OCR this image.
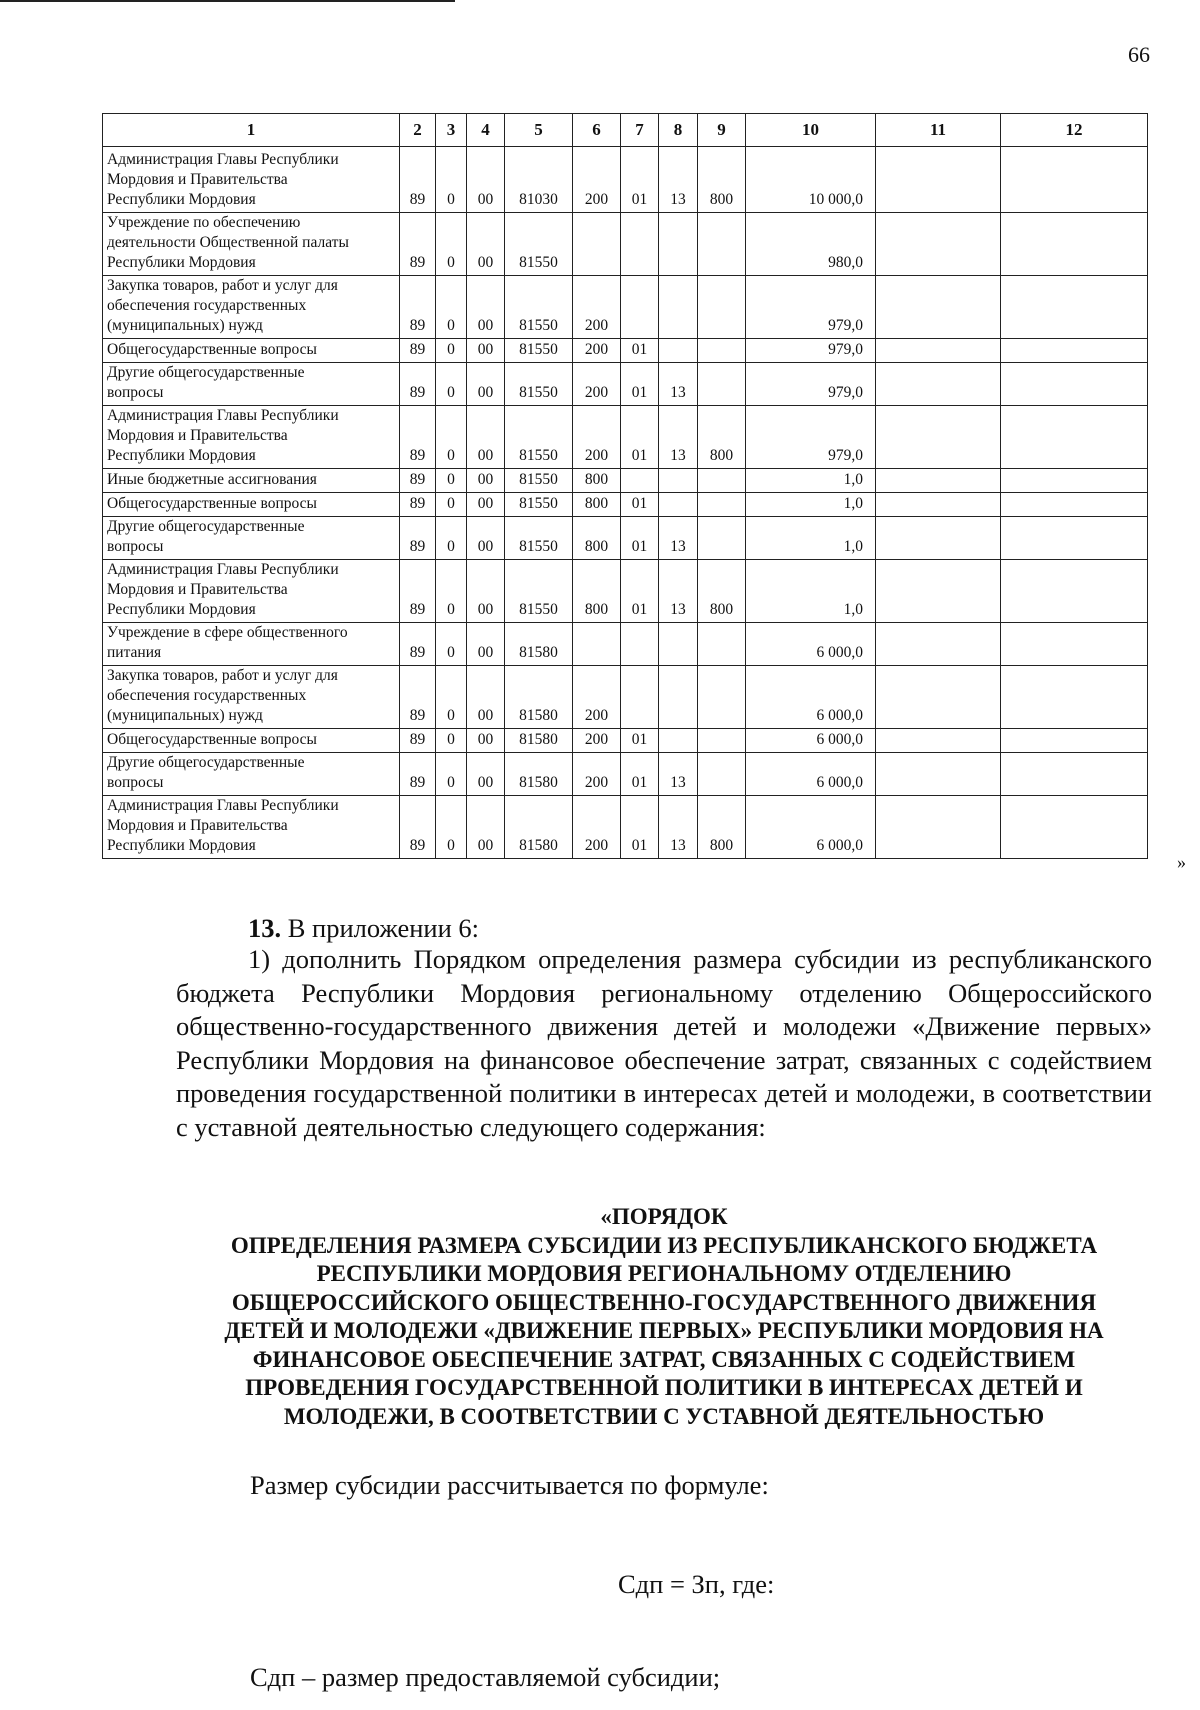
66
1	2	3	4	5	6	7	8	9	10	11	12

Администрация Главы Республики
Мордовия и Правительства
Республики Мордовия	89	0	00	81030	200	01	13	800	10 000,0		

Учреждение по обеспечению
деятельности Общественной палаты
Республики Мордовия	89	0	00	81550					980,0		

Закупка товаров, работ и услуг для
обеспечения государственных
(муниципальных) нужд	89	0	00	81550	200				979,0		

Общегосударственные вопросы	89	0	00	81550	200	01			979,0		

Другие общегосударственные
вопросы	89	0	00	81550	200	01	13		979,0		

Администрация Главы Республики
Мордовия и Правительства
Республики Мордовия	89	0	00	81550	200	01	13	800	979,0		

Иные бюджетные ассигнования	89	0	00	81550	800				1,0		

Общегосударственные вопросы	89	0	00	81550	800	01			1,0		

Другие общегосударственные
вопросы	89	0	00	81550	800	01	13		1,0		

Администрация Главы Республики
Мордовия и Правительства
Республики Мордовия	89	0	00	81550	800	01	13	800	1,0		

Учреждение в сфере общественного
питания	89	0	00	81580					6 000,0		

Закупка товаров, работ и услуг для
обеспечения государственных
(муниципальных) нужд	89	0	00	81580	200				6 000,0		

Общегосударственные вопросы	89	0	00	81580	200	01			6 000,0		

Другие общегосударственные
вопросы	89	0	00	81580	200	01	13		6 000,0		

Администрация Главы Республики
Мордовия и Правительства
Республики Мордовия	89	0	00	81580	200	01	13	800	6 000,0		
»
13. В приложении 6:
1) дополнить Порядком определения размера субсидии из республиканского бюджета Республики Мордовия региональному отделению Общероссийского общественно-государственного движения детей и молодежи «Движение первых» Республики Мордовия на финансовое обеспечение затрат, связанных с содействием проведения государственной политики в интересах детей и молодежи, в соответствии с уставной деятельностью следующего содержания:
«ПОРЯДОК
ОПРЕДЕЛЕНИЯ РАЗМЕРА СУБСИДИИ ИЗ РЕСПУБЛИКАНСКОГО БЮДЖЕТА
РЕСПУБЛИКИ МОРДОВИЯ РЕГИОНАЛЬНОМУ ОТДЕЛЕНИЮ
ОБЩЕРОССИЙСКОГО ОБЩЕСТВЕННО-ГОСУДАРСТВЕННОГО ДВИЖЕНИЯ
ДЕТЕЙ И МОЛОДЕЖИ «ДВИЖЕНИЕ ПЕРВЫХ» РЕСПУБЛИКИ МОРДОВИЯ НА
ФИНАНСОВОЕ ОБЕСПЕЧЕНИЕ ЗАТРАТ, СВЯЗАННЫХ С СОДЕЙСТВИЕМ
ПРОВЕДЕНИЯ ГОСУДАРСТВЕННОЙ ПОЛИТИКИ В ИНТЕРЕСАХ ДЕТЕЙ И
МОЛОДЕЖИ, В СООТВЕТСТВИИ С УСТАВНОЙ ДЕЯТЕЛЬНОСТЬЮ
Размер субсидии рассчитывается по формуле:
Сдп = Зп, где:
Сдп – размер предоставляемой субсидии;
